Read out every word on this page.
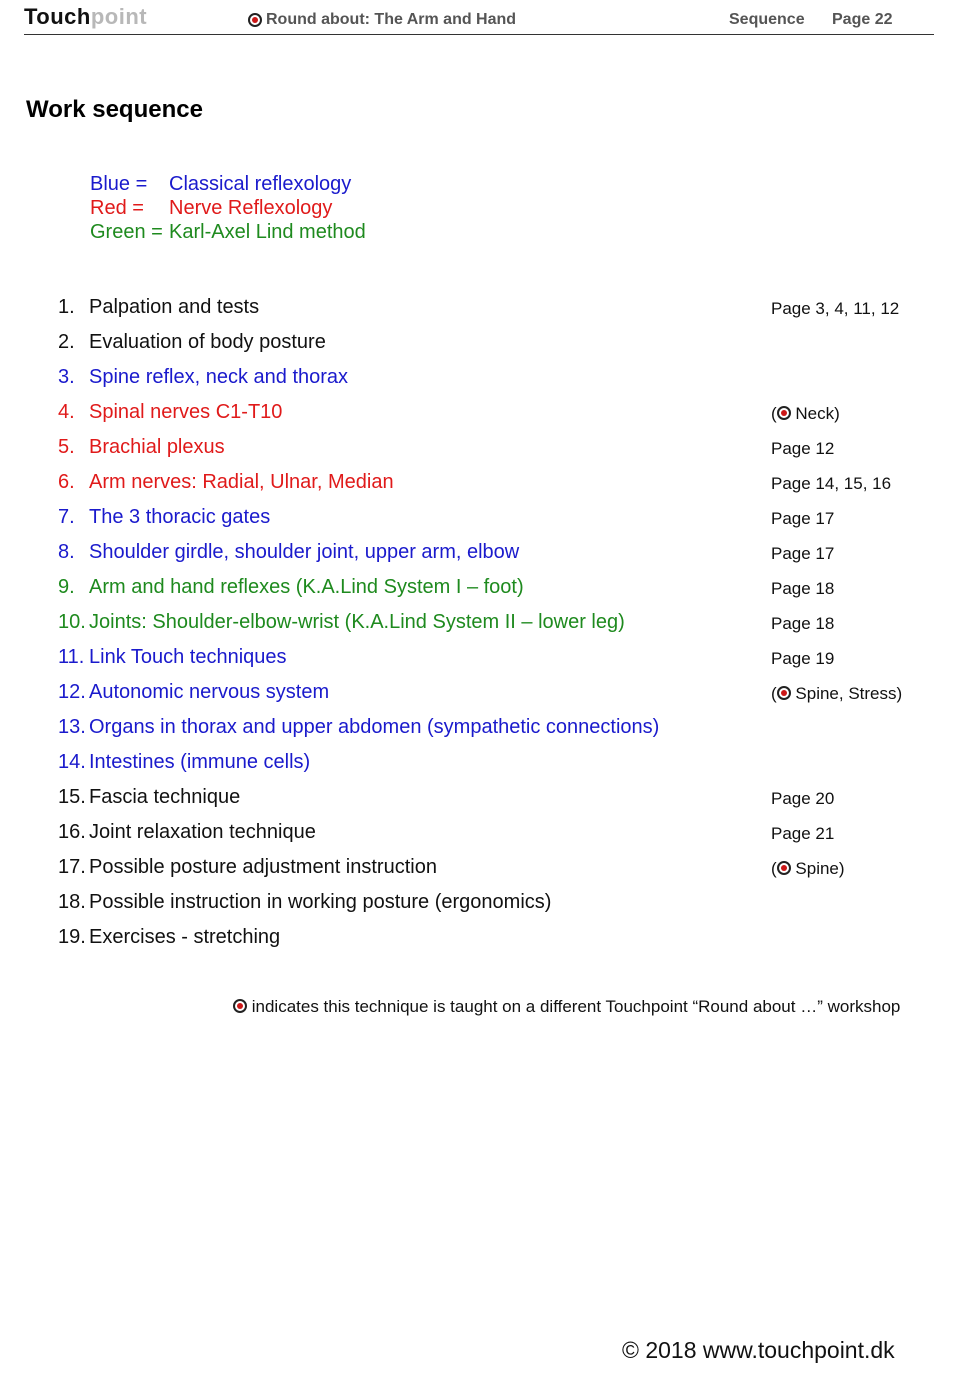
Touchpoint	Round about: The Arm and Hand	Sequence Page 22
Work sequence
Blue =	Classical reflexology
Red =	Nerve Reflexology
Green = Karl-Axel Lind method
1. Palpation and tests	Page 3, 4, 11, 12
2. Evaluation of body posture
3. Spine reflex, neck and thorax
4. Spinal nerves C1-T10	( Neck)
5. Brachial plexus	Page 12
6. Arm nerves: Radial, Ulnar, Median	Page 14, 15, 16
7. The 3 thoracic gates	Page 17
8. Shoulder girdle, shoulder joint, upper arm, elbow	Page 17
9. Arm and hand reflexes (K.A.Lind System I – foot)	Page 18
10. Joints: Shoulder-elbow-wrist (K.A.Lind System II – lower leg)	Page 18
11. Link Touch techniques	Page 19
12. Autonomic nervous system	( Spine, Stress)
13. Organs in thorax and upper abdomen (sympathetic connections)
14. Intestines (immune cells)
15. Fascia technique	Page 20
16. Joint relaxation technique	Page 21
17. Possible posture adjustment instruction	( Spine)
18. Possible instruction in working posture (ergonomics)
19. Exercises - stretching
indicates this technique is taught on a different Touchpoint “Round about …” workshop
© 2018 www.touchpoint.dk
